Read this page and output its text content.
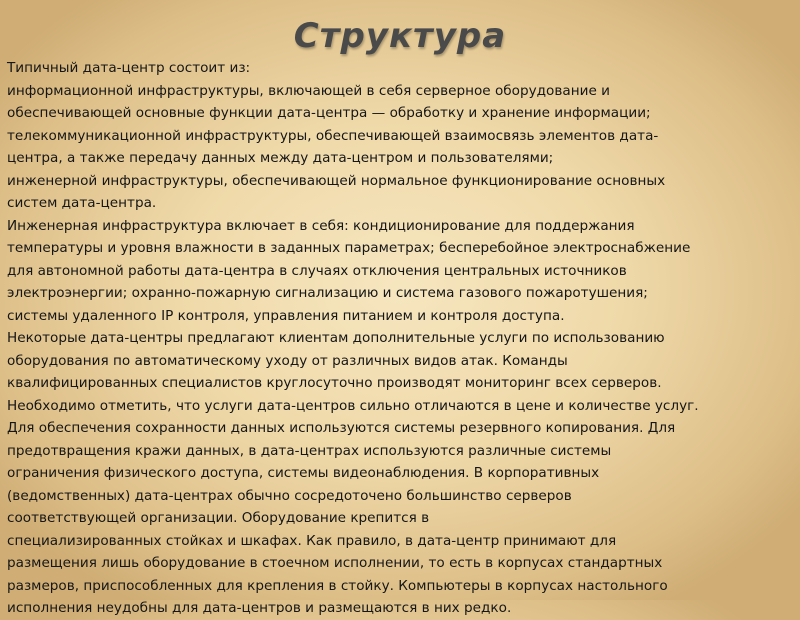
Структура
Типичный дата-центр состоит из:
информационной инфраструктуры, включающей в себя серверное оборудование и
обеспечивающей основные функции дата-центра — обработку и хранение информации;
телекоммуникационной инфраструктуры, обеспечивающей взаимосвязь элементов дата-
центра, а также передачу данных между дата-центром и пользователями;
инженерной инфраструктуры, обеспечивающей нормальное функционирование основных
систем дата-центра.
Инженерная инфраструктура включает в себя: кондиционирование для поддержания
температуры и уровня влажности в заданных параметрах; бесперебойное электроснабжение
для автономной работы дата-центра в случаях отключения центральных источников
электроэнергии; охранно-пожарную сигнализацию и система газового пожаротушения;
системы удаленного IP контроля, управления питанием и контроля доступа.
Некоторые дата-центры предлагают клиентам дополнительные услуги по использованию
оборудования по автоматическому уходу от различных видов атак. Команды
квалифицированных специалистов круглосуточно производят мониторинг всех серверов.
Необходимо отметить, что услуги дата-центров сильно отличаются в цене и количестве услуг.
Для обеспечения сохранности данных используются системы резервного копирования. Для
предотвращения кражи данных, в дата-центрах используются различные системы
ограничения физического доступа, системы видеонаблюдения. В корпоративных
(ведомственных) дата-центрах обычно сосредоточено большинство серверов
соответствующей организации. Оборудование крепится в
специализированных стойках и шкафах. Как правило, в дата-центр принимают для
размещения лишь оборудование в стоечном исполнении, то есть в корпусах стандартных
размеров, приспособленных для крепления в стойку. Компьютеры в корпусах настольного
исполнения неудобны для дата-центров и размещаются в них редко.
